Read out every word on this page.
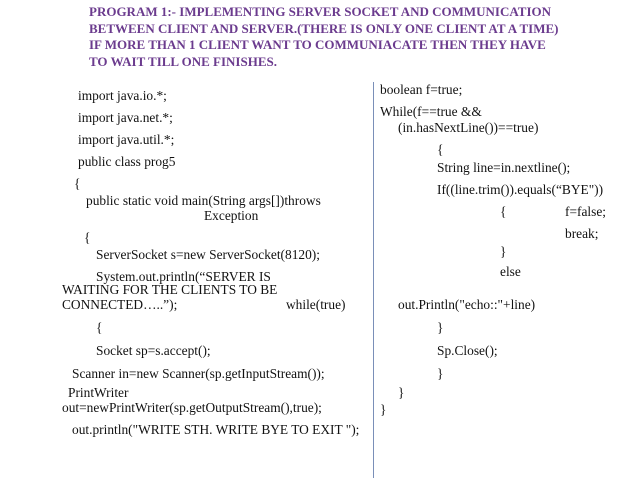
PROGRAM 1:- IMPLEMENTING SERVER SOCKET AND COMMUNICATION
BETWEEN CLIENT AND SERVER.(THERE IS ONLY ONE CLIENT AT A TIME)
IF MORE THAN 1 CLIENT WANT TO COMMUNIACATE THEN THEY HAVE
TO WAIT TILL ONE FINISHES.
import java.io.*;
import java.net.*;
import java.util.*;
public class prog5
{
public static void main(String args[])throws
Exception
{
ServerSocket s=new ServerSocket(8120);
System.out.println(“SERVER IS
WAITING FOR THE CLIENTS TO BE
CONNECTED…..”);	while(true)
{
Socket sp=s.accept();
Scanner in=new Scanner(sp.getInputStream());
PrintWriter
out=newPrintWriter(sp.getOutputStream(),true);
out.println("WRITE STH. WRITE BYE TO EXIT ");
boolean f=true;
While(f==true &&
(in.hasNextLine())==true)
{
String line=in.nextline();
If((line.trim()).equals(“BYE"))
{	f=false;
break;
}
else
out.Println("echo::"+line)
}
Sp.Close();
}
}
}
